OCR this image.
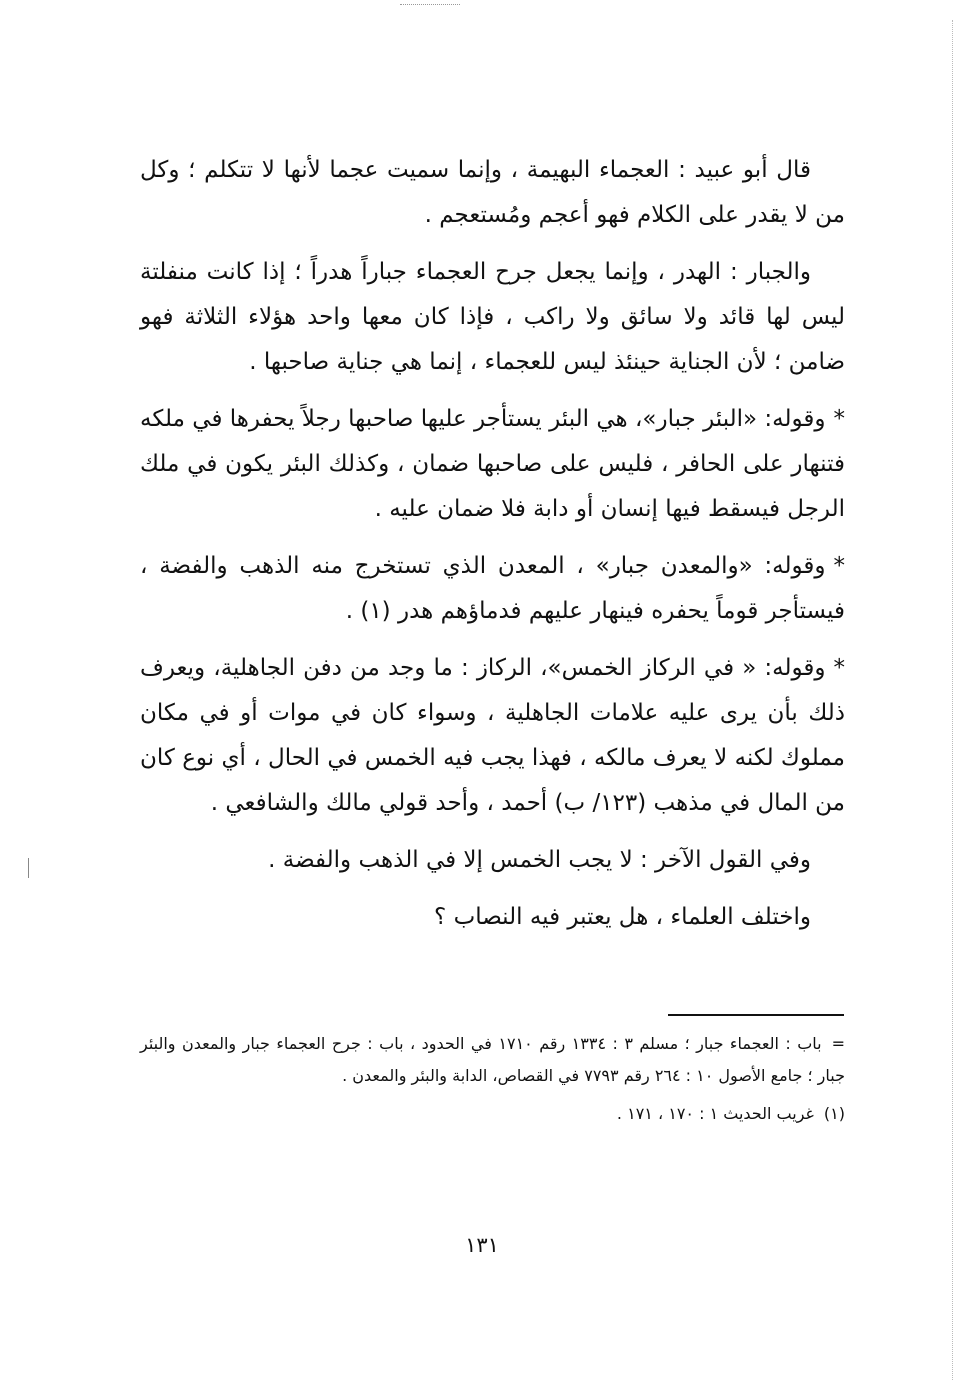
قال أبو عبيد : العجماء البهيمة ، وإنما سميت عجما لأنها لا تتكلم ؛ وكل من لا يقدر على الكلام فهو أعجم ومُستعجم .

والجبار : الهدر ، وإنما يجعل جرح العجماء جباراً هدراً ؛ إذا كانت منفلتة ليس لها قائد ولا سائق ولا راكب ، فإذا كان معها واحد هؤلاء الثلاثة فهو ضامن ؛ لأن الجناية حينئذ ليس للعجماء ، إنما هي جناية صاحبها .

*وقوله: «البئر جبار»، هي البئر يستأجر عليها صاحبها رجلاً يحفرها في ملكه فتنهار على الحافر ، فليس على صاحبها ضمان ، وكذلك البئر يكون في ملك الرجل فيسقط فيها إنسان أو دابة فلا ضمان عليه .

*وقوله: «والمعدن جبار» ، المعدن الذي تستخرج منه الذهب والفضة ، فيستأجر قوماً يحفره فينهار عليهم فدماؤهم هدر (١) .

*وقوله: « في الركاز الخمس»، الركاز : ما وجد من دفن الجاهلية، ويعرف ذلك بأن يرى عليه علامات الجاهلية ، وسواء كان في موات أو في مكان مملوك لكنه لا يعرف مالكه ، فهذا يجب فيه الخمس في الحال ، أي نوع كان من المال في مذهب (١٢٣/ ب) أحمد ، وأحد قولي مالك والشافعي .

وفي القول الآخر : لا يجب الخمس إلا في الذهب والفضة .

واختلف العلماء ، هل يعتبر فيه النصاب ؟

=باب : العجماء جبار ؛ مسلم ٣ : ١٣٣٤ رقم ١٧١٠ في الحدود ، باب : جرح العجماء جبار والمعدن والبئر جبار ؛ جامع الأصول ١٠ : ٢٦٤ رقم ٧٧٩٣ في القصاص، الدابة والبئر والمعدن .

(١)غريب الحديث ١ : ١٧٠ ، ١٧١ .

١٣١
